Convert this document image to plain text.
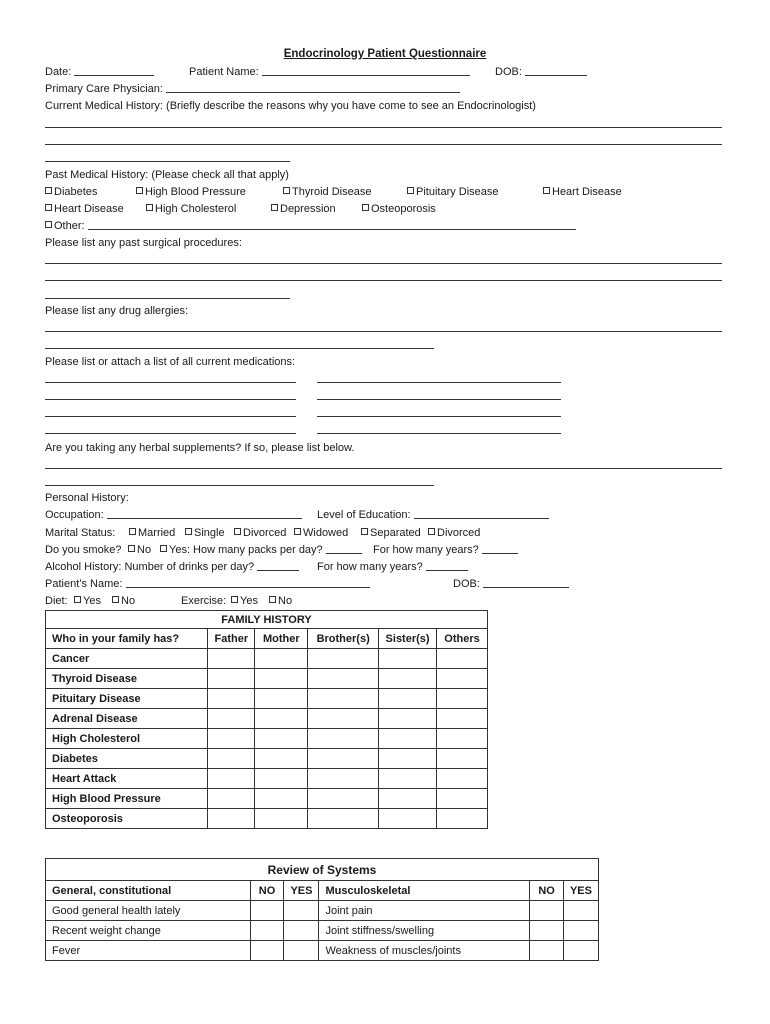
Endocrinology Patient Questionnaire
Date:	Patient Name:	DOB:
Primary Care Physician:
Current Medical History: (Briefly describe the reasons why you have come to see an Endocrinologist)
Past Medical History: (Please check all that apply)
Diabetes	High Blood Pressure	Thyroid Disease	Pituitary Disease	Heart Disease
Heart Disease	High Cholesterol	Depression	Osteoporosis
Other:
Please list any past surgical procedures:
Please list any drug allergies:
Please list or attach a list of all current medications:
Are you taking any herbal supplements? If so, please list below.
Personal History:
Occupation:	Level of Education:
Marital Status:	Married	Single	Divorced	Widowed	Separated	Divorced
Do you smoke?	No	Yes: How many packs per day?	For how many years?
Alcohol History: Number of drinks per day?	For how many years?
Patient’s Name:	DOB:
Diet:	Yes	No	Exercise:	Yes	No
FAMILY HISTORY					
Who in your family has?	Father	Mother	Brother(s)	Sister(s)	Others
Cancer					
Thyroid Disease					
Pituitary Disease					
Adrenal Disease					
High Cholesterol					
Diabetes					
Heart Attack					
High Blood Pressure					
Osteoporosis					
Review of Systems					
General, constitutional	NO	YES	Musculoskeletal	NO	YES
Good general health lately			Joint pain		
Recent weight change			Joint stiffness/swelling		
Fever			Weakness of muscles/joints		
